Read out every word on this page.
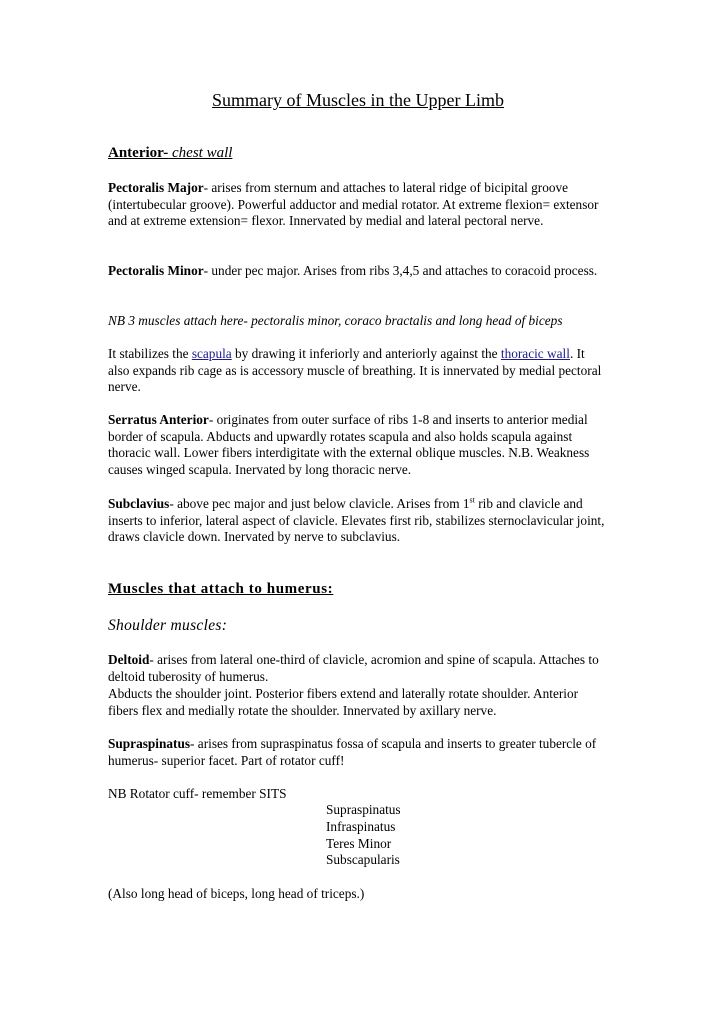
Summary of Muscles in the Upper Limb
Anterior- chest wall
Pectoralis Major- arises from sternum and attaches to lateral ridge of bicipital groove (intertubecular groove). Powerful adductor and medial rotator. At extreme flexion= extensor and at extreme extension= flexor. Innervated by medial and lateral pectoral nerve.
Pectoralis Minor- under pec major. Arises from ribs 3,4,5 and attaches to coracoid process.
NB 3 muscles attach here- pectoralis minor, coraco bractalis and long head of biceps
It stabilizes the scapula by drawing it inferiorly and anteriorly against the thoracic wall. It also expands rib cage as is accessory muscle of breathing. It is innervated by medial pectoral nerve.
Serratus Anterior- originates from outer surface of ribs 1-8 and inserts to anterior medial border of scapula. Abducts and upwardly rotates scapula and also holds scapula against thoracic wall. Lower fibers interdigitate with the external oblique muscles. N.B. Weakness causes winged scapula. Inervated by long thoracic nerve.
Subclavius- above pec major and just below clavicle. Arises from 1st rib and clavicle and inserts to inferior, lateral aspect of clavicle. Elevates first rib, stabilizes sternoclavicular joint, draws clavicle down. Inervated by nerve to subclavius.
Muscles that attach to humerus:
Shoulder muscles:
Deltoid- arises from lateral one-third of clavicle, acromion and spine of scapula. Attaches to deltoid tuberosity of humerus.
Abducts the shoulder joint. Posterior fibers extend and laterally rotate shoulder. Anterior fibers flex and medially rotate the shoulder. Innervated by axillary nerve.
Supraspinatus- arises from supraspinatus fossa of scapula and inserts to greater tubercle of humerus- superior facet. Part of rotator cuff!
NB Rotator cuff- remember SITS
Supraspinatus
Infraspinatus
Teres Minor
Subscapularis
(Also long head of biceps, long head of triceps.)
